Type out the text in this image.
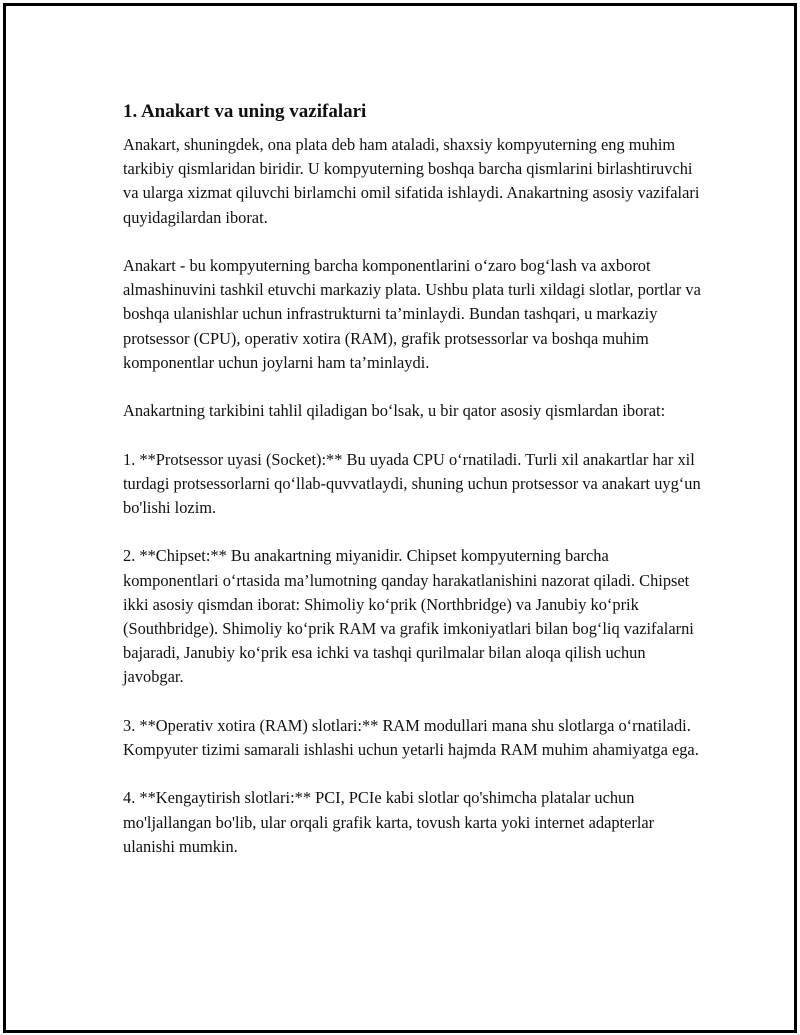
1. Anakart va uning vazifalari

Anakart, shuningdek, ona plata deb ham ataladi, shaxsiy kompyuterning eng muhim tarkibiy qismlaridan biridir. U kompyuterning boshqa barcha qismlarini birlashtiruvchi va ularga xizmat qiluvchi birlamchi omil sifatida ishlaydi. Anakartning asosiy vazifalari quyidagilardan iborat.

Anakart - bu kompyuterning barcha komponentlarini o‘zaro bog‘lash va axborot almashinuvini tashkil etuvchi markaziy plata. Ushbu plata turli xildagi slotlar, portlar va boshqa ulanishlar uchun infrastrukturni ta’minlaydi. Bundan tashqari, u markaziy protsessor (CPU), operativ xotira (RAM), grafik protsessorlar va boshqa muhim komponentlar uchun joylarni ham ta’minlaydi.

Anakartning tarkibini tahlil qiladigan bo‘lsak, u bir qator asosiy qismlardan iborat:

1. **Protsessor uyasi (Socket):** Bu uyada CPU o‘rnatiladi. Turli xil anakartlar har xil turdagi protsessorlarni qo‘llab-quvvatlaydi, shuning uchun protsessor va anakart uyg‘un bo'lishi lozim.

2. **Chipset:** Bu anakartning miyanidir. Chipset kompyuterning barcha komponentlari o‘rtasida ma’lumotning qanday harakatlanishini nazorat qiladi. Chipset ikki asosiy qismdan iborat: Shimoliy ko‘prik (Northbridge) va Janubiy ko‘prik (Southbridge). Shimoliy ko‘prik RAM va grafik imkoniyatlari bilan bog‘liq vazifalarni bajaradi, Janubiy ko‘prik esa ichki va tashqi qurilmalar bilan aloqa qilish uchun javobgar.

3. **Operativ xotira (RAM) slotlari:** RAM modullari mana shu slotlarga o‘rnatiladi. Kompyuter tizimi samarali ishlashi uchun yetarli hajmda RAM muhim ahamiyatga ega.

4. **Kengaytirish slotlari:** PCI, PCIe kabi slotlar qo'shimcha platalar uchun mo'ljallangan bo'lib, ular orqali grafik karta, tovush karta yoki internet adapterlar ulanishi mumkin.
